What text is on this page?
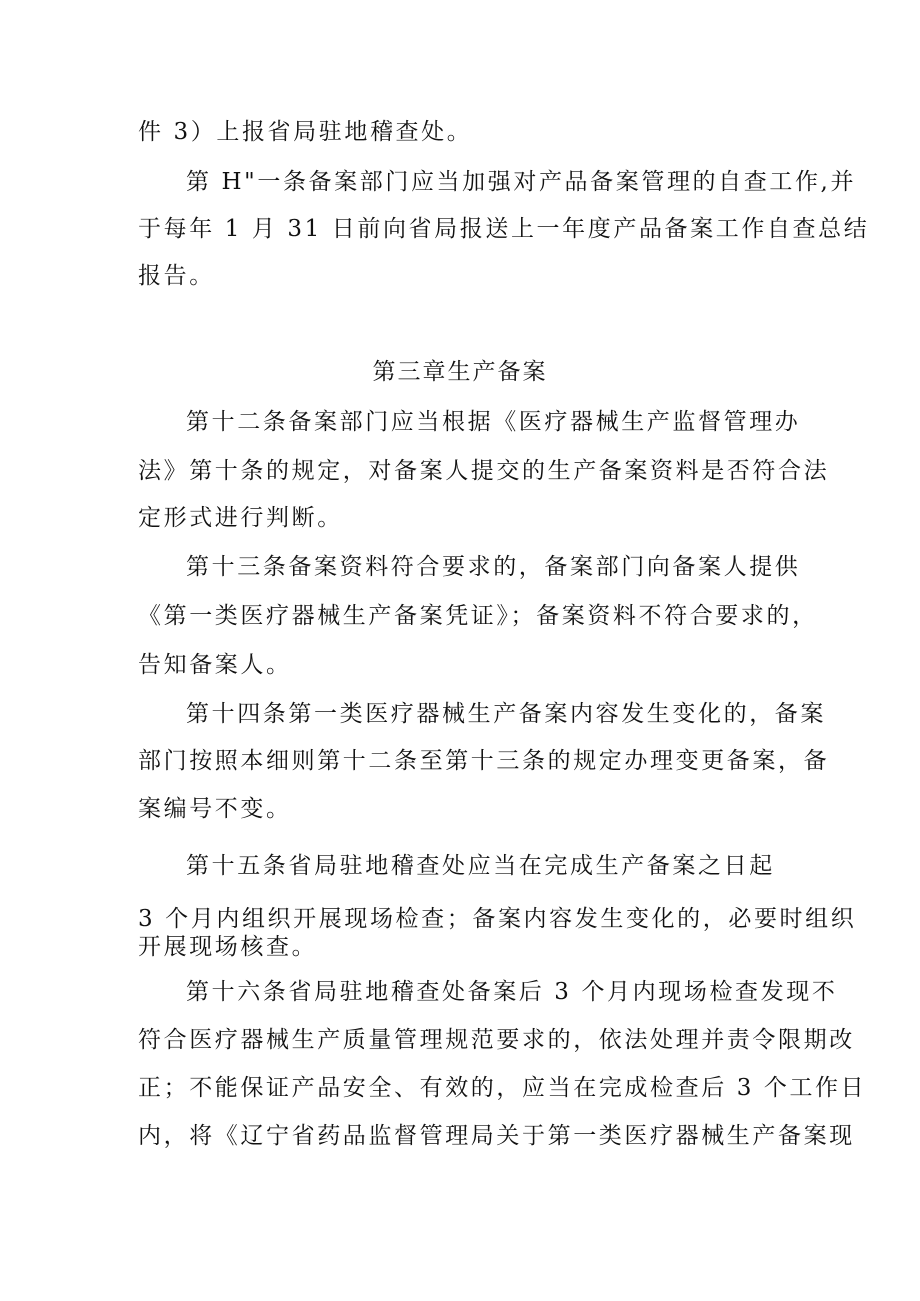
件 3）上报省局驻地稽查处。
第 H"一条备案部门应当加强对产品备案管理的自查工作,并
于每年 1 月 31 日前向省局报送上一年度产品备案工作自查总结
报告。
第三章生产备案
第十二条备案部门应当根据《医疗器械生产监督管理办
法》第十条的规定，对备案人提交的生产备案资料是否符合法
定形式进行判断。
第十三条备案资料符合要求的，备案部门向备案人提供
《第一类医疗器械生产备案凭证》；备案资料不符合要求的，
告知备案人。
第十四条第一类医疗器械生产备案内容发生变化的，备案
部门按照本细则第十二条至第十三条的规定办理变更备案，备
案编号不变。
第十五条省局驻地稽查处应当在完成生产备案之日起
3 个月内组织开展现场检查；备案内容发生变化的，必要时组织
开展现场核查。
第十六条省局驻地稽查处备案后 3 个月内现场检查发现不
符合医疗器械生产质量管理规范要求的，依法处理并责令限期改
正；不能保证产品安全、有效的，应当在完成检查后 3 个工作日
内，将《辽宁省药品监督管理局关于第一类医疗器械生产备案现
